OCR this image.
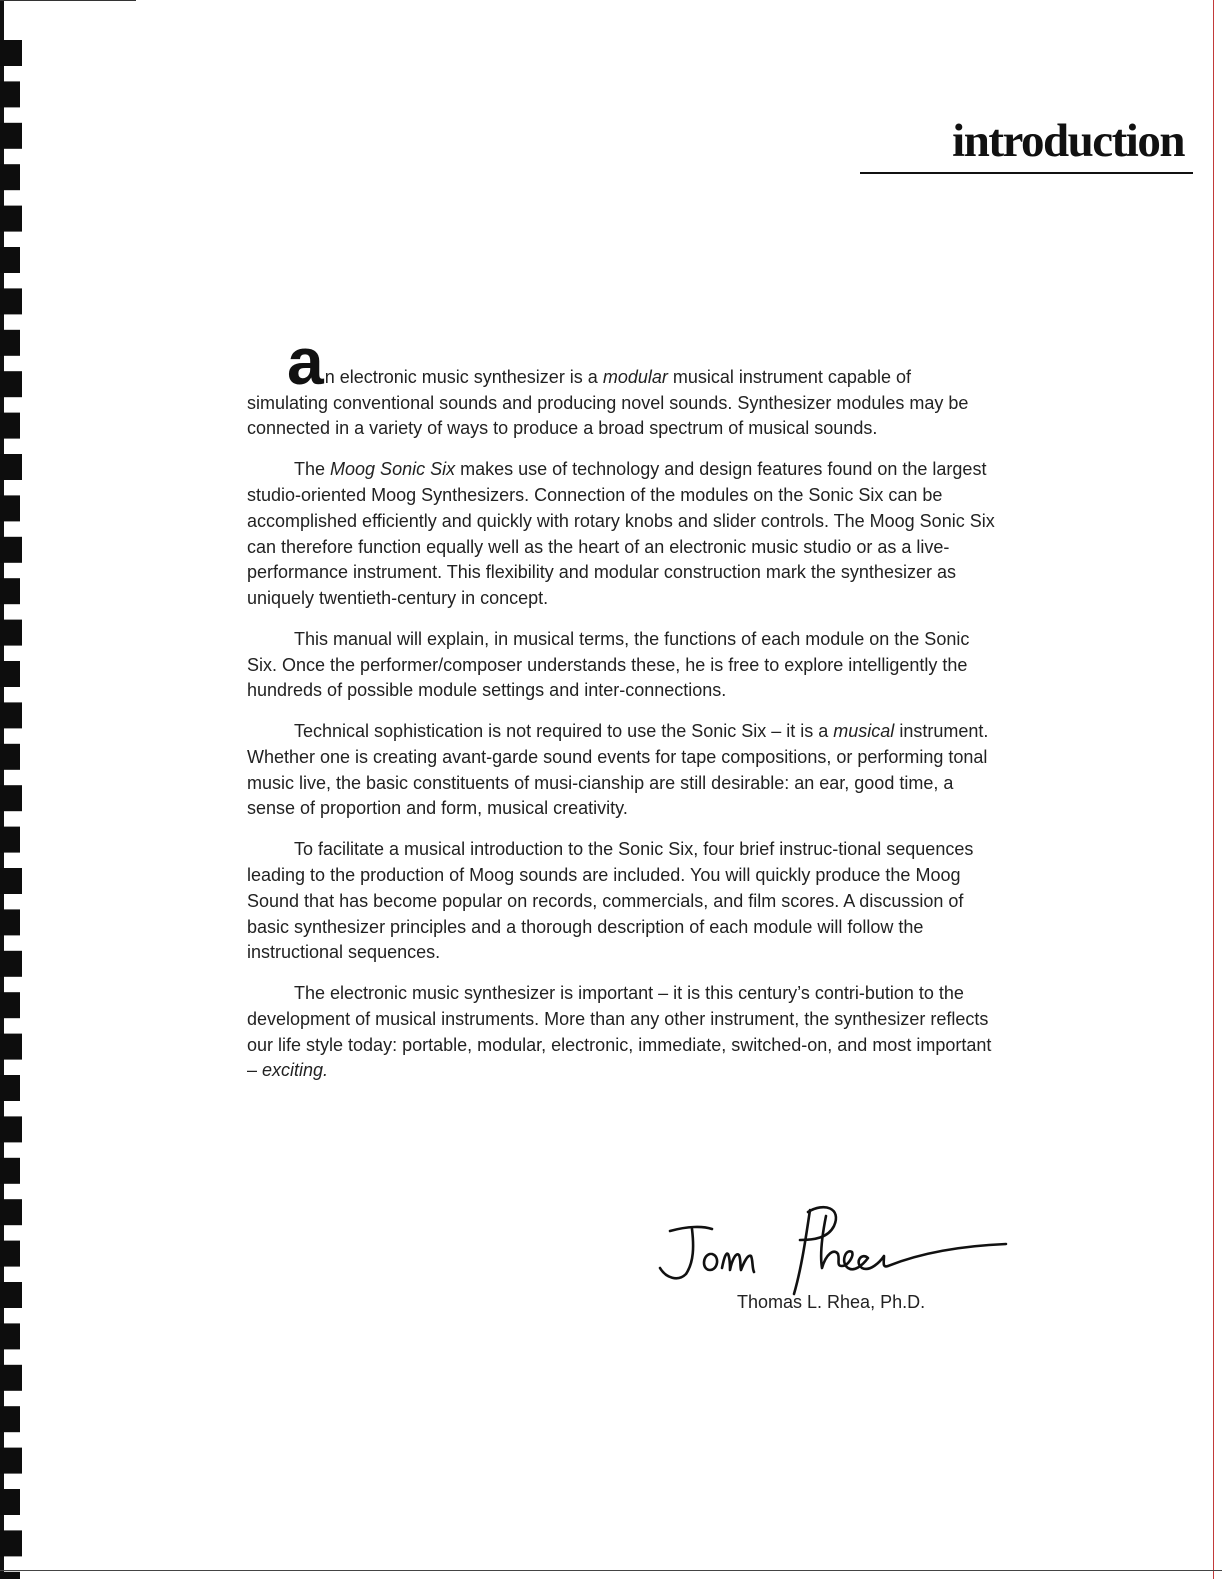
introduction

an electronic music synthesizer is a modular musical instrument capable of simulating conventional sounds and producing novel sounds. Synthesizer modules may be connected in a variety of ways to produce a broad spectrum of musical sounds.

The Moog Sonic Six makes use of technology and design features found on the largest studio-oriented Moog Synthesizers. Connection of the modules on the Sonic Six can be accomplished efficiently and quickly with rotary knobs and slider controls. The Moog Sonic Six can therefore function equally well as the heart of an electronic music studio or as a live-performance instrument. This flexibility and modular construction mark the synthesizer as uniquely twentieth-century in concept.

This manual will explain, in musical terms, the functions of each module on the Sonic Six. Once the performer/composer understands these, he is free to explore intelligently the hundreds of possible module settings and inter-connections.

Technical sophistication is not required to use the Sonic Six – it is a musical instrument. Whether one is creating avant-garde sound events for tape compositions, or performing tonal music live, the basic constituents of musi-cianship are still desirable: an ear, good time, a sense of proportion and form, musical creativity.

To facilitate a musical introduction to the Sonic Six, four brief instruc-tional sequences leading to the production of Moog sounds are included. You will quickly produce the Moog Sound that has become popular on records, commercials, and film scores. A discussion of basic synthesizer principles and a thorough description of each module will follow the instructional sequences.

The electronic music synthesizer is important – it is this century’s contri-bution to the development of musical instruments. More than any other instrument, the synthesizer reflects our life style today: portable, modular, electronic, immediate, switched-on, and most important – exciting.

Thomas L. Rhea, Ph.D.
